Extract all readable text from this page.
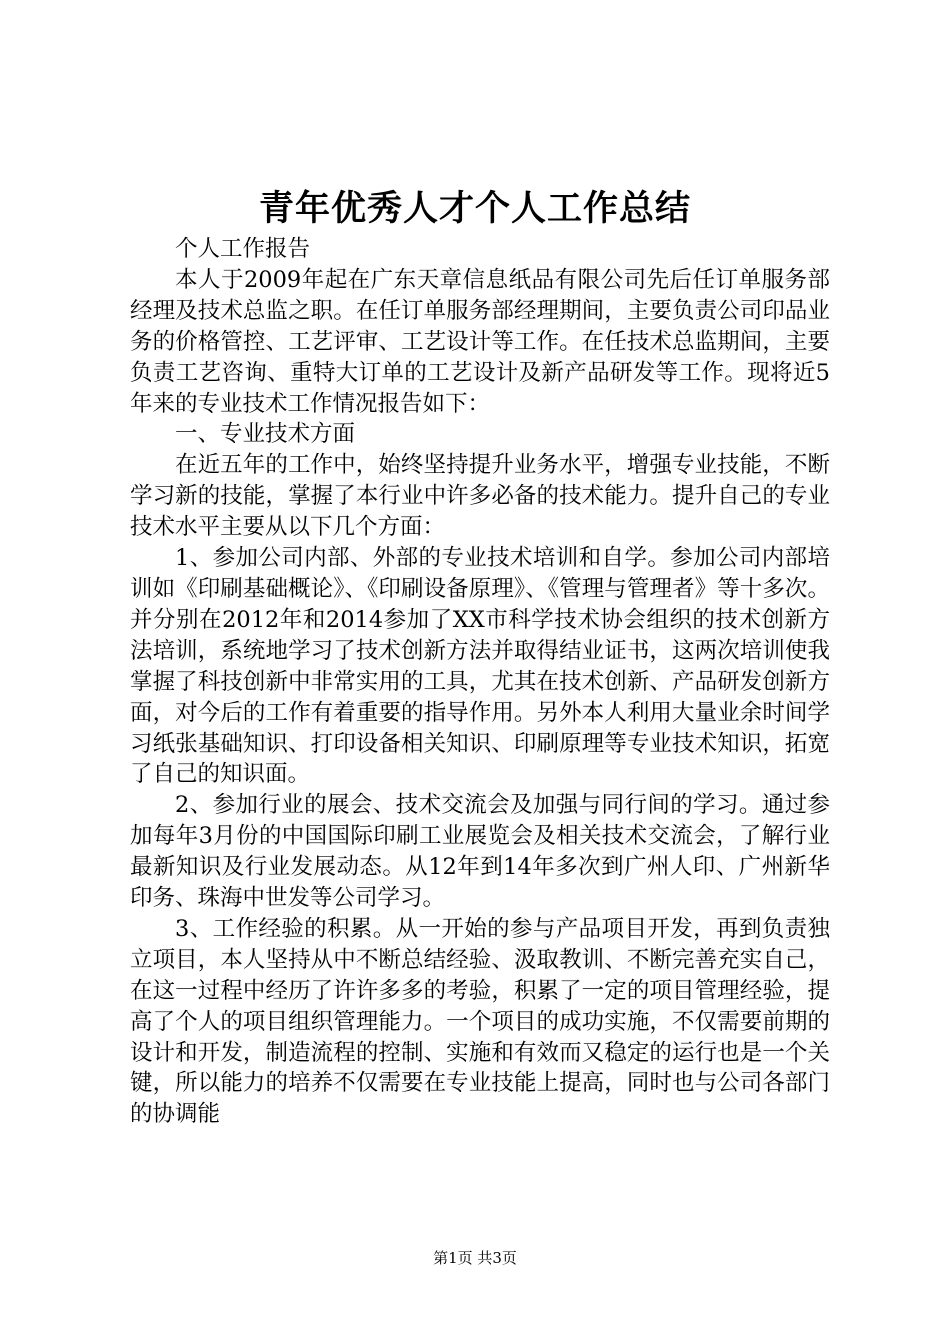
青年优秀人才个人工作总结

个人工作报告

本人于2009年起在广东天章信息纸品有限公司先后任订单服务部经理及技术总监之职。在任订单服务部经理期间，主要负责公司印品业务的价格管控、工艺评审、工艺设计等工作。在任技术总监期间，主要负责工艺咨询、重特大订单的工艺设计及新产品研发等工作。现将近5年来的专业技术工作情况报告如下：

一、专业技术方面

在近五年的工作中，始终坚持提升业务水平，增强专业技能，不断学习新的技能，掌握了本行业中许多必备的技术能力。提升自己的专业技术水平主要从以下几个方面：

1、参加公司内部、外部的专业技术培训和自学。参加公司内部培训如《印刷基础概论》、《印刷设备原理》、《管理与管理者》等十多次。并分别在2012年和2014参加了XX市科学技术协会组织的技术创新方法培训，系统地学习了技术创新方法并取得结业证书，这两次培训使我掌握了科技创新中非常实用的工具，尤其在技术创新、产品研发创新方面，对今后的工作有着重要的指导作用。另外本人利用大量业余时间学习纸张基础知识、打印设备相关知识、印刷原理等专业技术知识，拓宽了自己的知识面。

2、参加行业的展会、技术交流会及加强与同行间的学习。通过参加每年3月份的中国国际印刷工业展览会及相关技术交流会，了解行业最新知识及行业发展动态。从12年到14年多次到广州人印、广州新华印务、珠海中世发等公司学习。

3、工作经验的积累。从一开始的参与产品项目开发，再到负责独立项目，本人坚持从中不断总结经验、汲取教训、不断完善充实自己，在这一过程中经历了许许多多的考验，积累了一定的项目管理经验，提高了个人的项目组织管理能力。一个项目的成功实施，不仅需要前期的设计和开发，制造流程的控制、实施和有效而又稳定的运行也是一个关键，所以能力的培养不仅需要在专业技能上提高，同时也与公司各部门的协调能

第1页 共3页
